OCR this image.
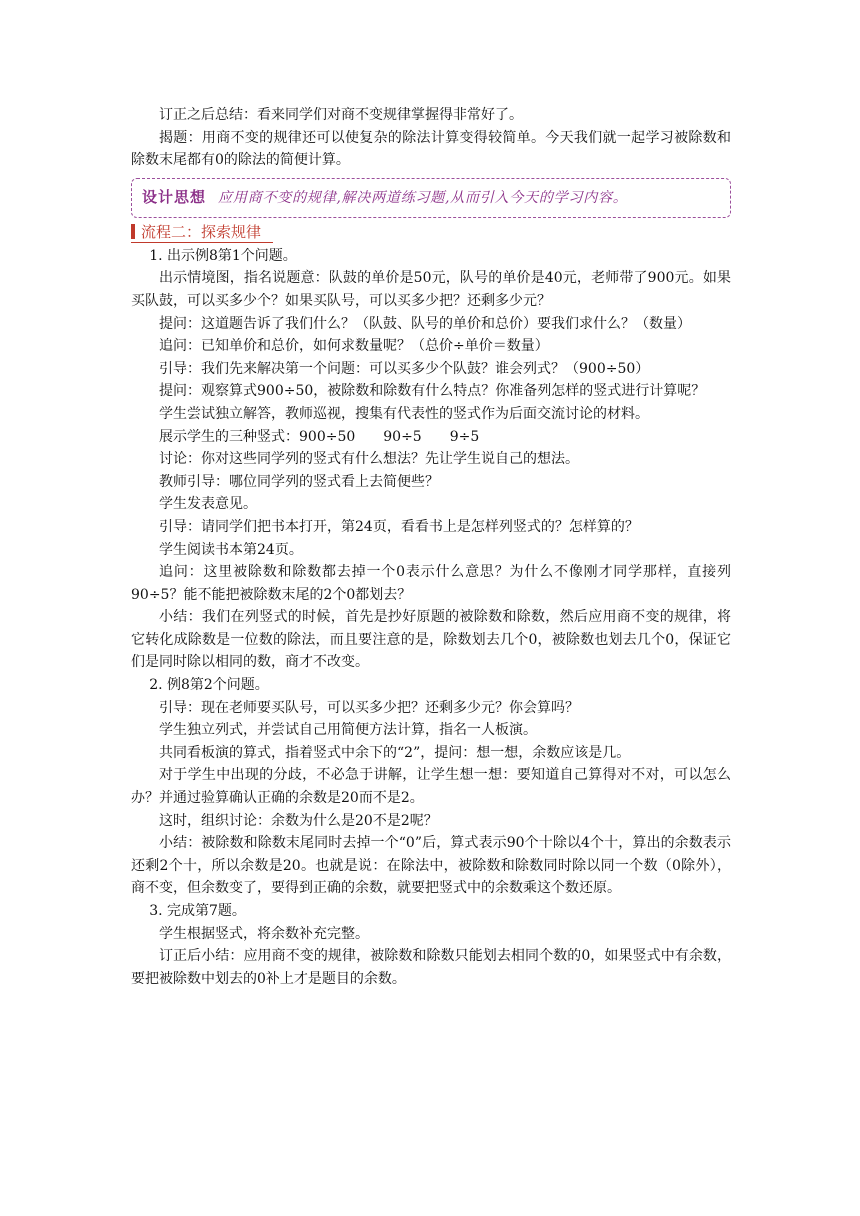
订正之后总结：看来同学们对商不变规律掌握得非常好了。

揭题：用商不变的规律还可以使复杂的除法计算变得较简单。今天我们就一起学习被除数和除数末尾都有0的除法的简便计算。

设计思想 应用商不变的规律,解决两道练习题,从而引入今天的学习内容。
流程二：探索规律

1. 出示例8第1个问题。

出示情境图，指名说题意：队鼓的单价是50元，队号的单价是40元，老师带了900元。如果买队鼓，可以买多少个？如果买队号，可以买多少把？还剩多少元？

提问：这道题告诉了我们什么？（队鼓、队号的单价和总价）要我们求什么？（数量）

追问：已知单价和总价，如何求数量呢？（总价÷单价＝数量）

引导：我们先来解决第一个问题：可以买多少个队鼓？谁会列式？（900÷50）

提问：观察算式900÷50，被除数和除数有什么特点？你准备列怎样的竖式进行计算呢？

学生尝试独立解答，教师巡视，搜集有代表性的竖式作为后面交流讨论的材料。

展示学生的三种竖式：900÷50　　90÷5　　9÷5

讨论：你对这些同学列的竖式有什么想法？先让学生说自己的想法。

教师引导：哪位同学列的竖式看上去简便些？

学生发表意见。

引导：请同学们把书本打开，第24页，看看书上是怎样列竖式的？怎样算的？

学生阅读书本第24页。

追问：这里被除数和除数都去掉一个0表示什么意思？为什么不像刚才同学那样，直接列90÷5？能不能把被除数末尾的2个0都划去？

小结：我们在列竖式的时候，首先是抄好原题的被除数和除数，然后应用商不变的规律，将它转化成除数是一位数的除法，而且要注意的是，除数划去几个0，被除数也划去几个0，保证它们是同时除以相同的数，商才不改变。

2. 例8第2个问题。

引导：现在老师要买队号，可以买多少把？还剩多少元？你会算吗？

学生独立列式，并尝试自己用简便方法计算，指名一人板演。

共同看板演的算式，指着竖式中余下的“2”，提问：想一想，余数应该是几。

对于学生中出现的分歧，不必急于讲解，让学生想一想：要知道自己算得对不对，可以怎么办？并通过验算确认正确的余数是20而不是2。

这时，组织讨论：余数为什么是20不是2呢？

小结：被除数和除数末尾同时去掉一个“0”后，算式表示90个十除以4个十，算出的余数表示还剩2个十，所以余数是20。也就是说：在除法中，被除数和除数同时除以同一个数（0除外），商不变，但余数变了，要得到正确的余数，就要把竖式中的余数乘这个数还原。

3. 完成第7题。

学生根据竖式，将余数补充完整。

订正后小结：应用商不变的规律，被除数和除数只能划去相同个数的0，如果竖式中有余数，要把被除数中划去的0补上才是题目的余数。
